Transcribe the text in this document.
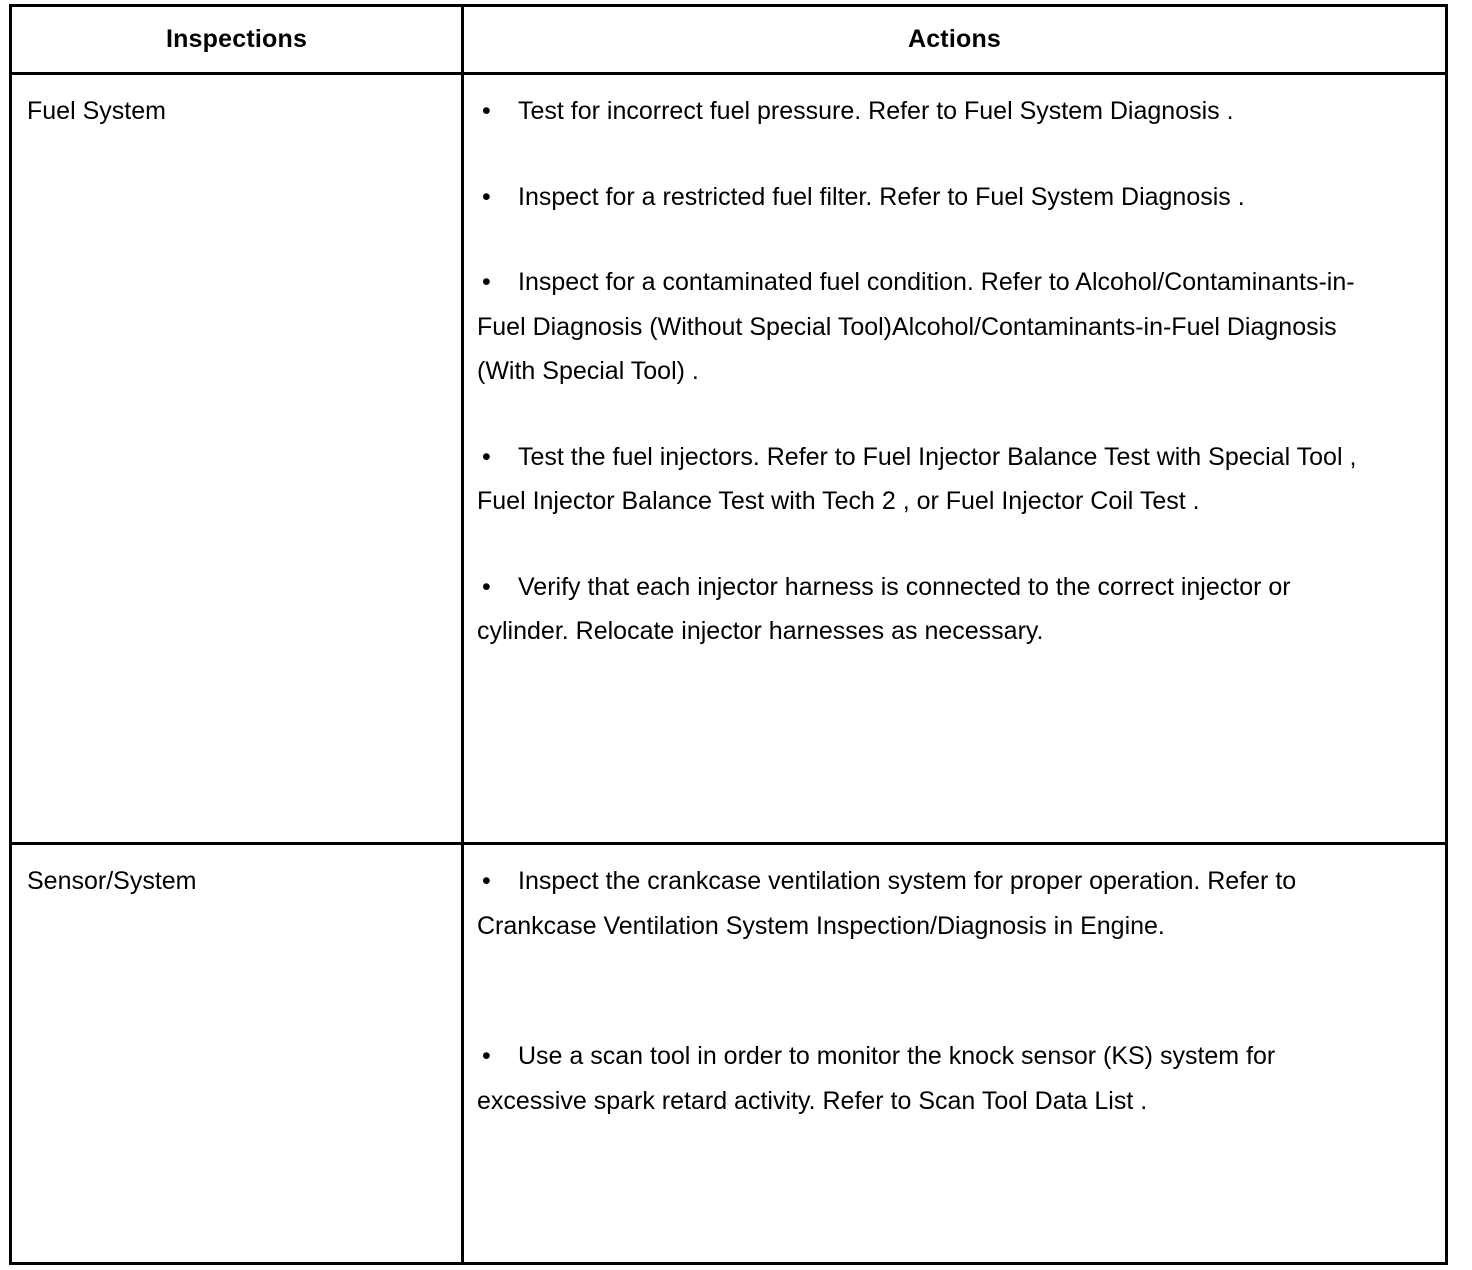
Inspections	Actions
Fuel System	• Test for incorrect fuel pressure. Refer to Fuel System Diagnosis .
• Inspect for a restricted fuel filter. Refer to Fuel System Diagnosis .
• Inspect for a contaminated fuel condition. Refer to Alcohol/Contaminants-in-Fuel Diagnosis (Without Special Tool)Alcohol/Contaminants-in-Fuel Diagnosis (With Special Tool) .
• Test the fuel injectors. Refer to Fuel Injector Balance Test with Special Tool , Fuel Injector Balance Test with Tech 2 , or Fuel Injector Coil Test .
• Verify that each injector harness is connected to the correct injector or cylinder. Relocate injector harnesses as necessary.
Sensor/System	• Inspect the crankcase ventilation system for proper operation. Refer to Crankcase Ventilation System Inspection/Diagnosis in Engine.
• Use a scan tool in order to monitor the knock sensor (KS) system for excessive spark retard activity. Refer to Scan Tool Data List .
